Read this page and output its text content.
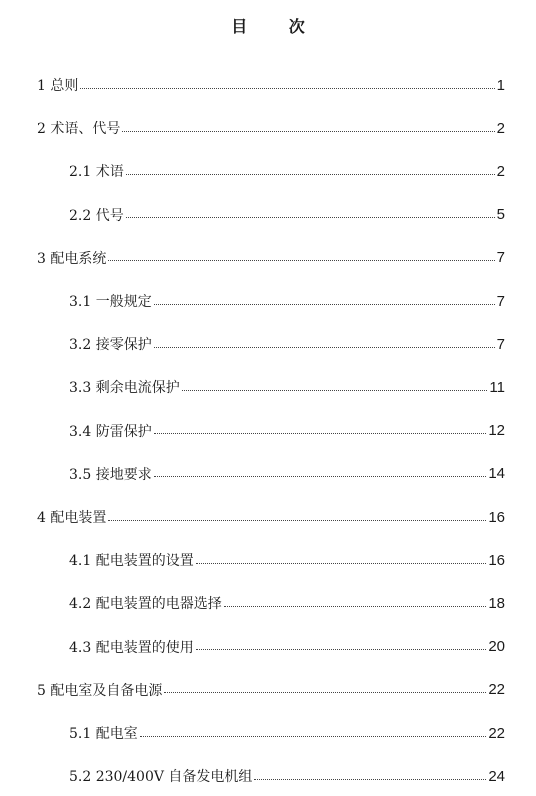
目 次
1 总则	1
2 术语、代号	2
2.1 术语	2
2.2 代号	5
3 配电系统	7
3.1 一般规定	7
3.2 接零保护	7
3.3 剩余电流保护	11
3.4 防雷保护	12
3.5 接地要求	14
4 配电装置	16
4.1 配电装置的设置	16
4.2 配电装置的电器选择	18
4.3 配电装置的使用	20
5 配电室及自备电源	22
5.1 配电室	22
5.2 230/400V 自备发电机组	24
